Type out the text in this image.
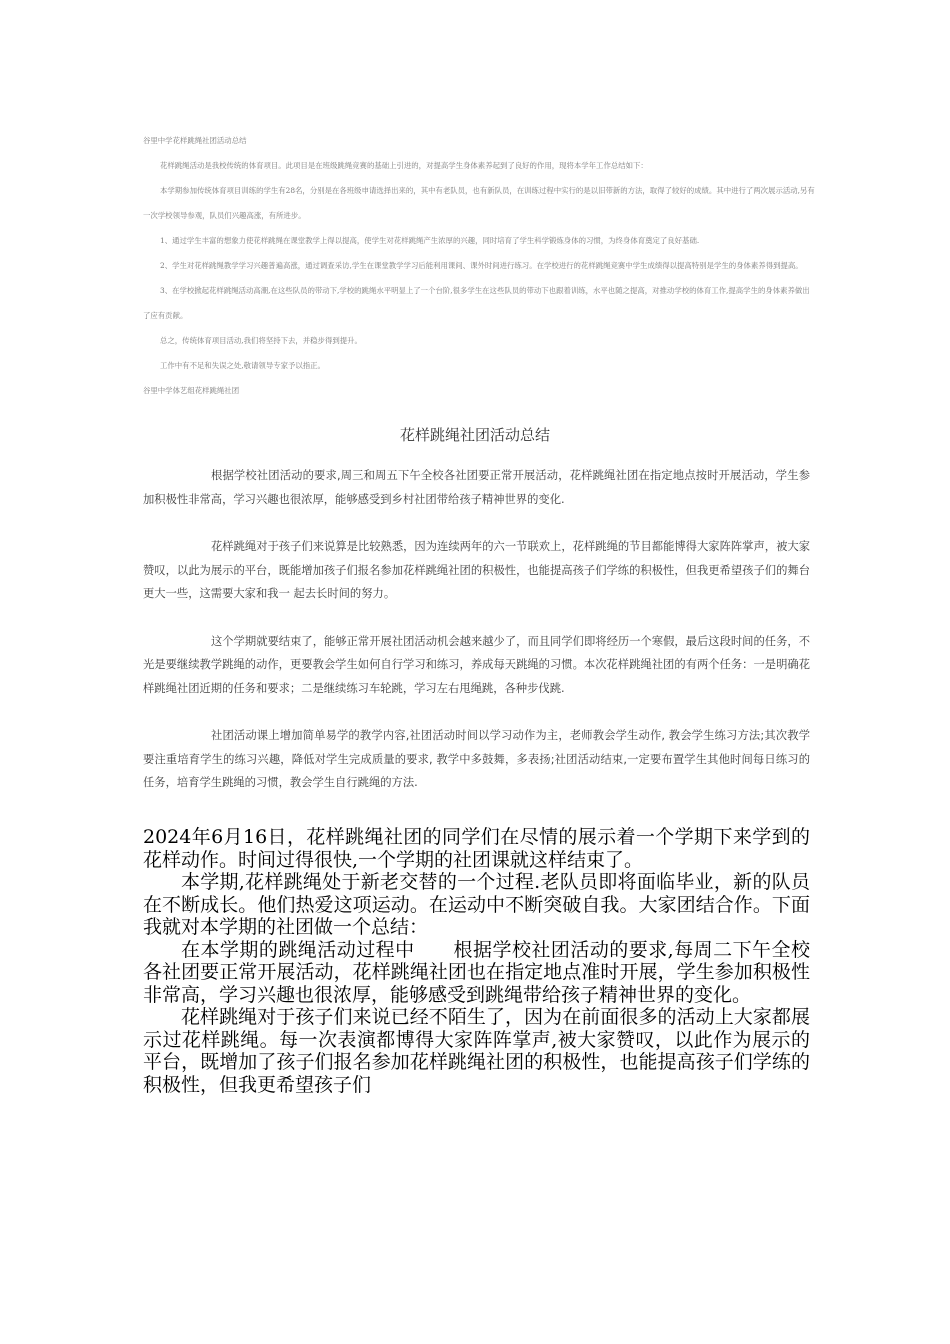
谷里中学花样跳绳社团活动总结

花样跳绳活动是我校传统的体育项目。此项目是在班级跳绳竞赛的基础上引进的，对提高学生身体素养起到了良好的作用，现将本学年工作总结如下：

本学期参加传统体育项目训练的学生有28名，分别是在各班级申请选择出来的，其中有老队员，也有新队员，在训练过程中实行的是以旧带新的方法，取得了较好的成绩。其中进行了两次展示活动,另有一次学校领导参观，队员们兴趣高涨，有所进步。

1、通过学生丰富的想象力使花样跳绳在课堂教学上得以提高，使学生对花样跳绳产生浓厚的兴趣，同时培育了学生科学锻炼身体的习惯，为终身体育奠定了良好基础.

2、学生对花样跳绳教学学习兴趣普遍高涨，通过调查采访,学生在课堂教学学习后能利用课间、课外时间进行练习。在学校进行的花样跳绳竞赛中学生成绩得以提高特别是学生的身体素养得到提高。

3、在学校掀起花样跳绳活动高潮,在这些队员的带动下,学校的跳绳水平明显上了一个台阶,很多学生在这些队员的带动下也跟着训练，水平也随之提高，对推动学校的体育工作,提高学生的身体素养做出了应有贡献。

总之，传统体育项目活动,我们将坚持下去，并稳步得到提升。

工作中有不足和失误之处,敬请领导专家予以指正。

谷里中学体艺组花样跳绳社团

花样跳绳社团活动总结

根据学校社团活动的要求,周三和周五下午全校各社团要正常开展活动，花样跳绳社团在指定地点按时开展活动，学生参加积极性非常高，学习兴趣也很浓厚，能够感受到乡村社团带给孩子精神世界的变化.

花样跳绳对于孩子们来说算是比较熟悉，因为连续两年的六一节联欢上，花样跳绳的节目都能博得大家阵阵掌声，被大家赞叹，以此为展示的平台，既能增加孩子们报名参加花样跳绳社团的积极性，也能提高孩子们学练的积极性，但我更希望孩子们的舞台更大一些，这需要大家和我一 起去长时间的努力。

这个学期就要结束了，能够正常开展社团活动机会越来越少了，而且同学们即将经历一个寒假，最后这段时间的任务，不光是要继续教学跳绳的动作，更要教会学生如何自行学习和练习，养成每天跳绳的习惯。本次花样跳绳社团的有两个任务：一是明确花样跳绳社团近期的任务和要求；二是继续练习车轮跳，学习左右甩绳跳，各种步伐跳.

社团活动课上增加简单易学的教学内容,社团活动时间以学习动作为主，老师教会学生动作, 教会学生练习方法;其次教学要注重培育学生的练习兴趣，降低对学生完成质量的要求, 教学中多鼓舞，多表扬;社团活动结束,一定要布置学生其他时间每日练习的任务，培育学生跳绳的习惯，教会学生自行跳绳的方法.

2024年6月16日，花样跳绳社团的同学们在尽情的展示着一个学期下来学到的花样动作。时间过得很快,一个学期的社团课就这样结束了。

本学期,花样跳绳处于新老交替的一个过程.老队员即将面临毕业，新的队员在不断成长。他们热爱这项运动。在运动中不断突破自我。大家团结合作。下面我就对本学期的社团做一个总结：

在本学期的跳绳活动过程中　　根据学校社团活动的要求,每周二下午全校各社团要正常开展活动，花样跳绳社团也在指定地点准时开展，学生参加积极性非常高，学习兴趣也很浓厚，能够感受到跳绳带给孩子精神世界的变化。

花样跳绳对于孩子们来说已经不陌生了，因为在前面很多的活动上大家都展示过花样跳绳。每一次表演都博得大家阵阵掌声,被大家赞叹，以此作为展示的平台，既增加了孩子们报名参加花样跳绳社团的积极性，也能提高孩子们学练的积极性，但我更希望孩子们
